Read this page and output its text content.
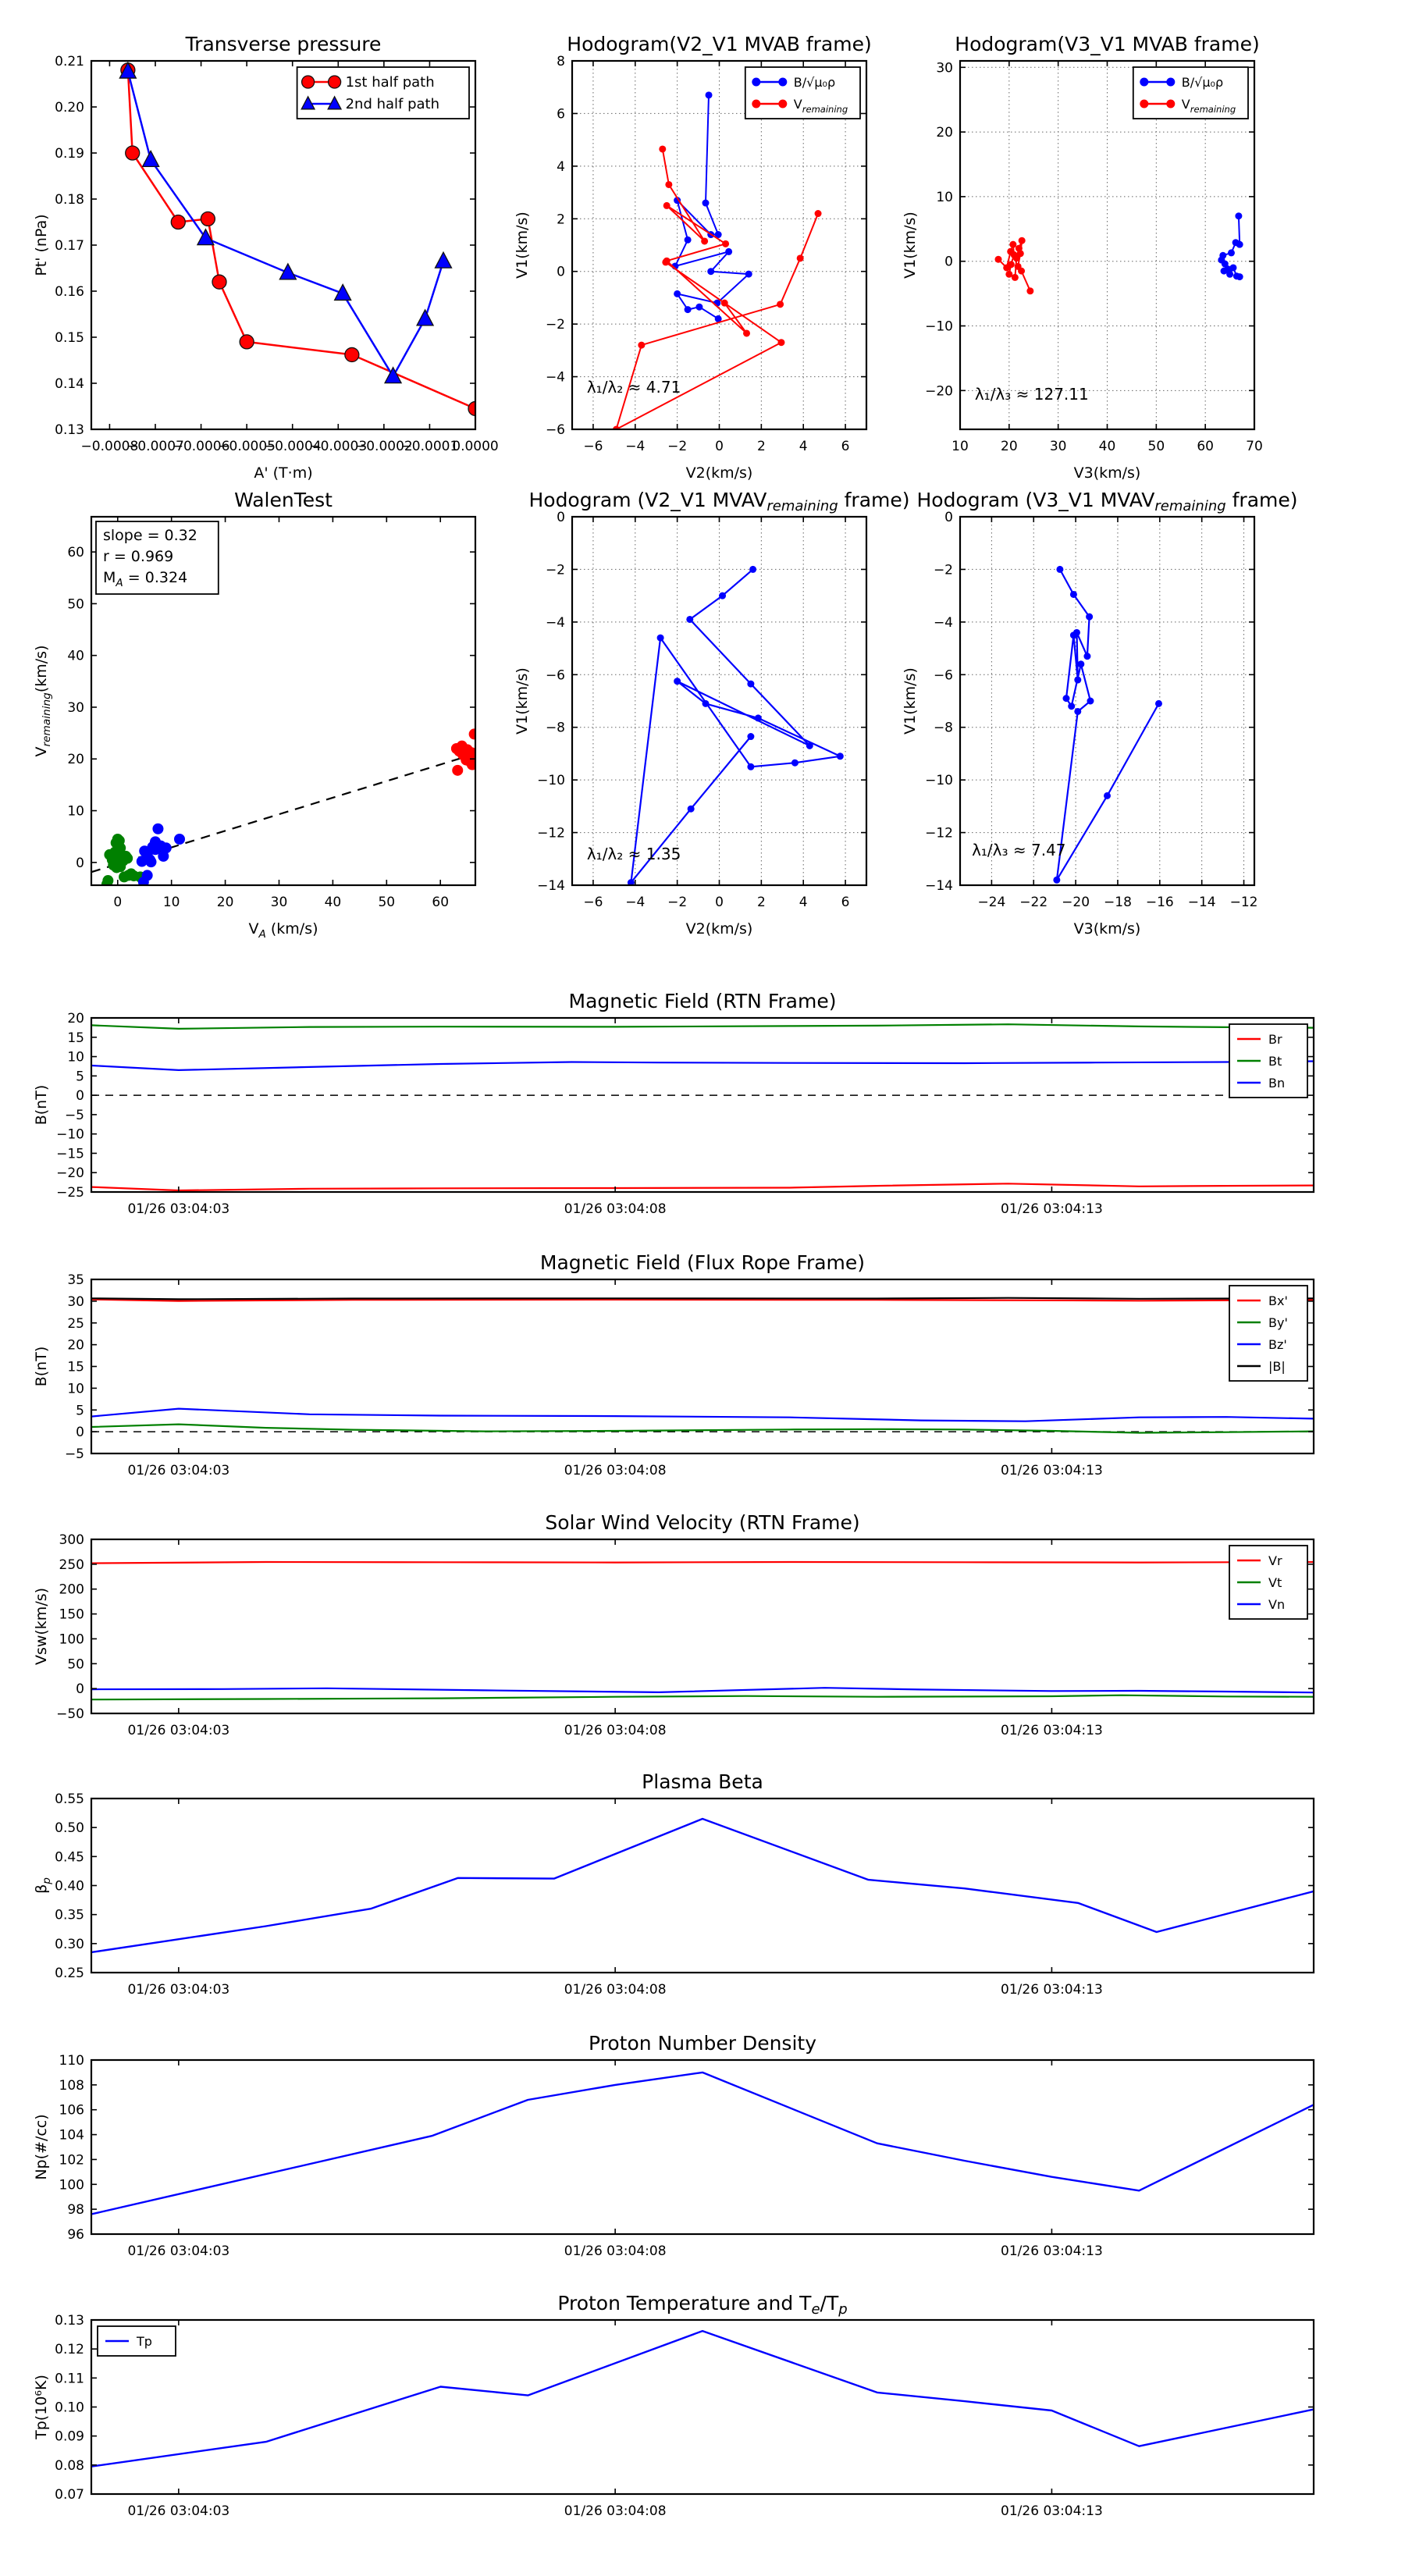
−0.0008
−0.0007
−0.0006
−0.0005
−0.0004
−0.0003
−0.0002
−0.0001
0.0000
0.13
0.14
0.15
0.16
0.17
0.18
0.19
0.20
0.21
Transverse pressure
A' (T·m)
Pt' (nPa)
1st half path
2nd half path
−6 −4 −2 0	2	4	6
−6
−4
−2
0
2
4
6
8
Hodogram(V2_V1 MVAB frame)
V2(km/s)
V1(km/s)
λ₁/λ₂ ≈ 4.71
B/√μ₀ρ
$V_{remaining}$
10 20 30 40 50 60 70
−20
−10
0
10
20
30
Hodogram(V3_V1 MVAB frame)
V3(km/s)
V1(km/s)
λ₁/λ₃ ≈ 127.11
B/√μ₀ρ
$V_{remaining}$
0	10	20	30	40	50	60
0
10
20
30
40
50
60
WalenTest
$V_A$ (km/s)
$V_{remaining}(km/s)$
slope = 0.32
r = 0.969
$M_A = 0.324$
−6 −4 −2 0	2	4	6
−14
−12
−10
−8
−6
−4
−2
0
Hodogram (V2_V1 $MVAV_{remaining}$ frame)
V2(km/s)
V1(km/s)
λ₁/λ₂ ≈ 1.35
−24 −22 −20 −18 −16 −14 −12
−14
−12
−10
−8
−6
−4
−2
0
Hodogram (V3_V1 $MVAV_{remaining}$ frame)
V3(km/s)
V1(km/s)
λ₁/λ₃ ≈ 7.47
01/26 03:04:03	01/26 03:04:08	01/26 03:04:13
−25
−20
−15
−10
−5
0
5
10
15
20
Magnetic Field (RTN Frame)
B(nT)
Br
Bt
Bn
01/26 03:04:03	01/26 03:04:08	01/26 03:04:13
−5
0
5
10
15
20
25
30
35
Magnetic Field (Flux Rope Frame)
B(nT)
Bx'
By'
Bz'
|B|
01/26 03:04:03	01/26 03:04:08	01/26 03:04:13
−50
0
50
100
150
200
250
300
Solar Wind Velocity (RTN Frame)
Vsw(km/s)
Vr
Vt
Vn
01/26 03:04:03	01/26 03:04:08	01/26 03:04:13
0.25
0.30
0.35
0.40
0.45
0.50
0.55
Plasma Beta
$\beta_p$
01/26 03:04:03	01/26 03:04:08	01/26 03:04:13
96
98
100
102
104
106
108
110
Proton Number Density
Np(#/cc)
01/26 03:04:03	01/26 03:04:08	01/26 03:04:13
0.07
0.08
0.09
0.10
0.11
0.12
0.13
Proton Temperature and $T_e/T_p$
Tp(10⁶K)
Tp
